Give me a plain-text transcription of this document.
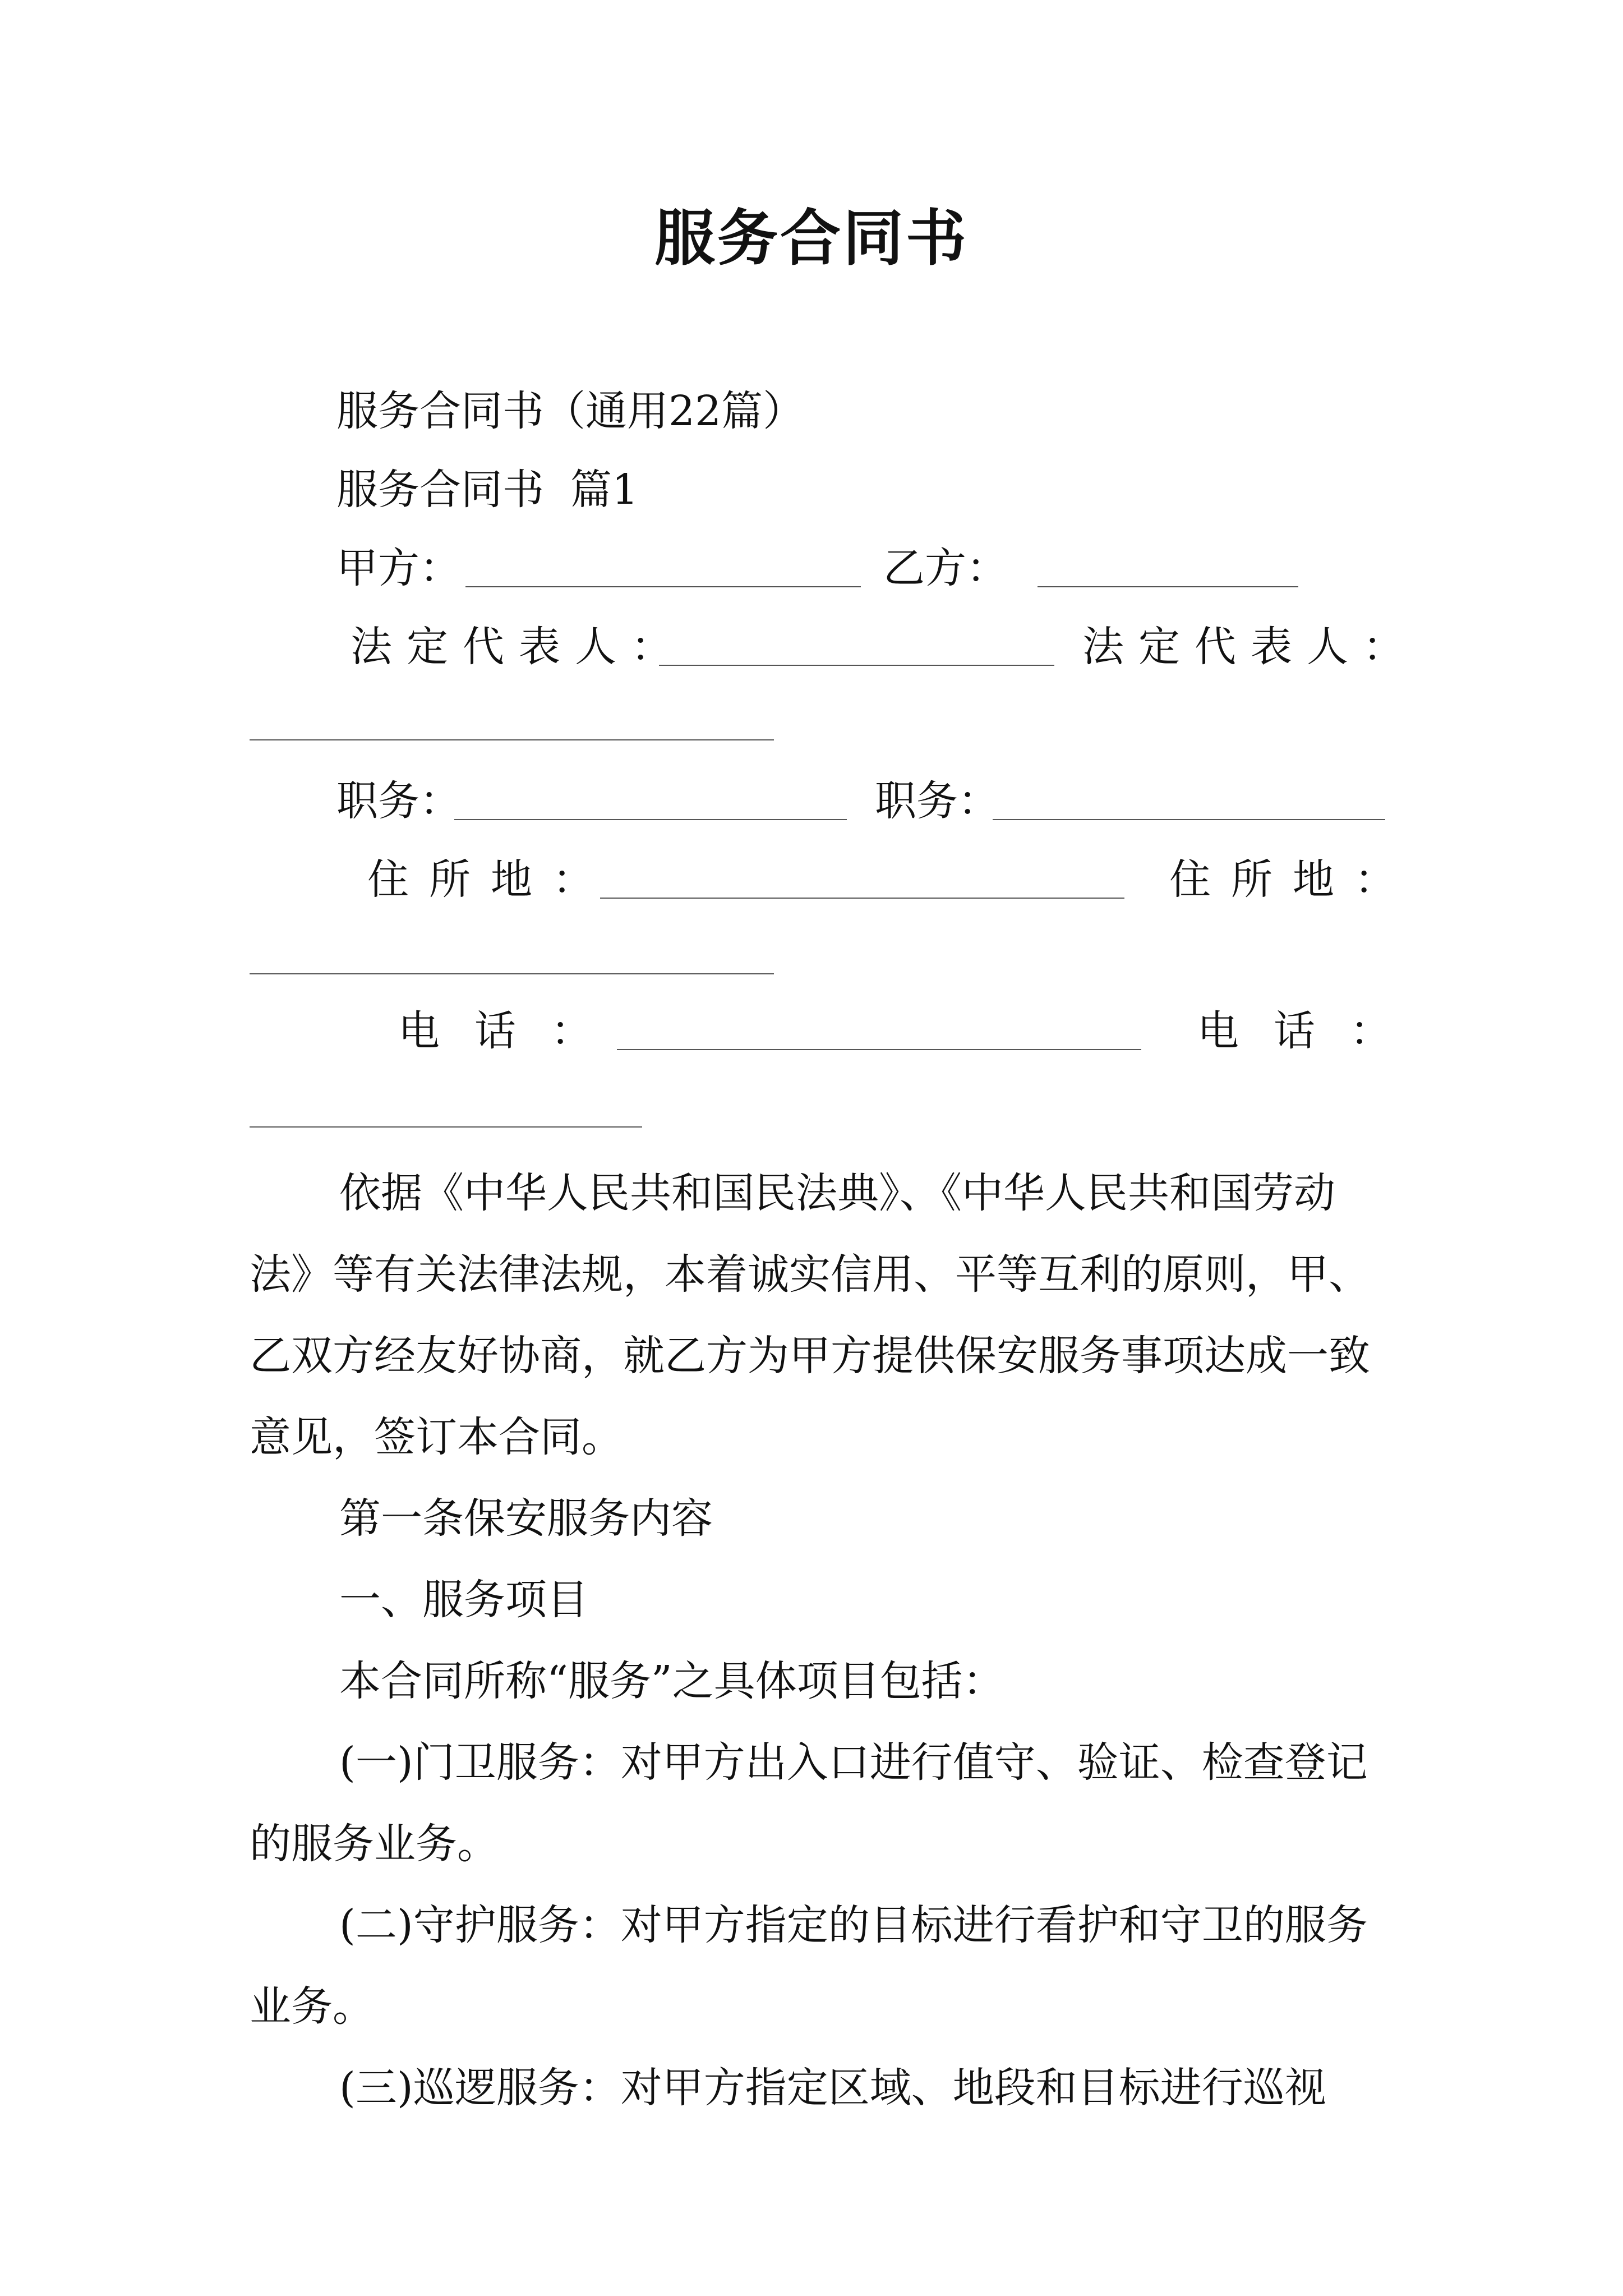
服务合同书
服务合同书（通用22篇）
服务合同书  篇1
甲方：	乙方：
法定代表人：	法定代表人：
职务：	职务：
住所地：	住所地：
电话：	电话：

依据《中华人民共和国民法典》、《中华人民共和国劳动法》等有关法律法规，本着诚实信用、平等互利的原则，甲、乙双方经友好协商，就乙方为甲方提供保安服务事项达成一致意见，签订本合同。

第一条保安服务内容

一、服务项目

本合同所称“服务”之具体项目包括：

(一)门卫服务：对甲方出入口进行值守、验证、检查登记的服务业务。

(二)守护服务：对甲方指定的目标进行看护和守卫的服务业务。

(三)巡逻服务：对甲方指定区域、地段和目标进行巡视
